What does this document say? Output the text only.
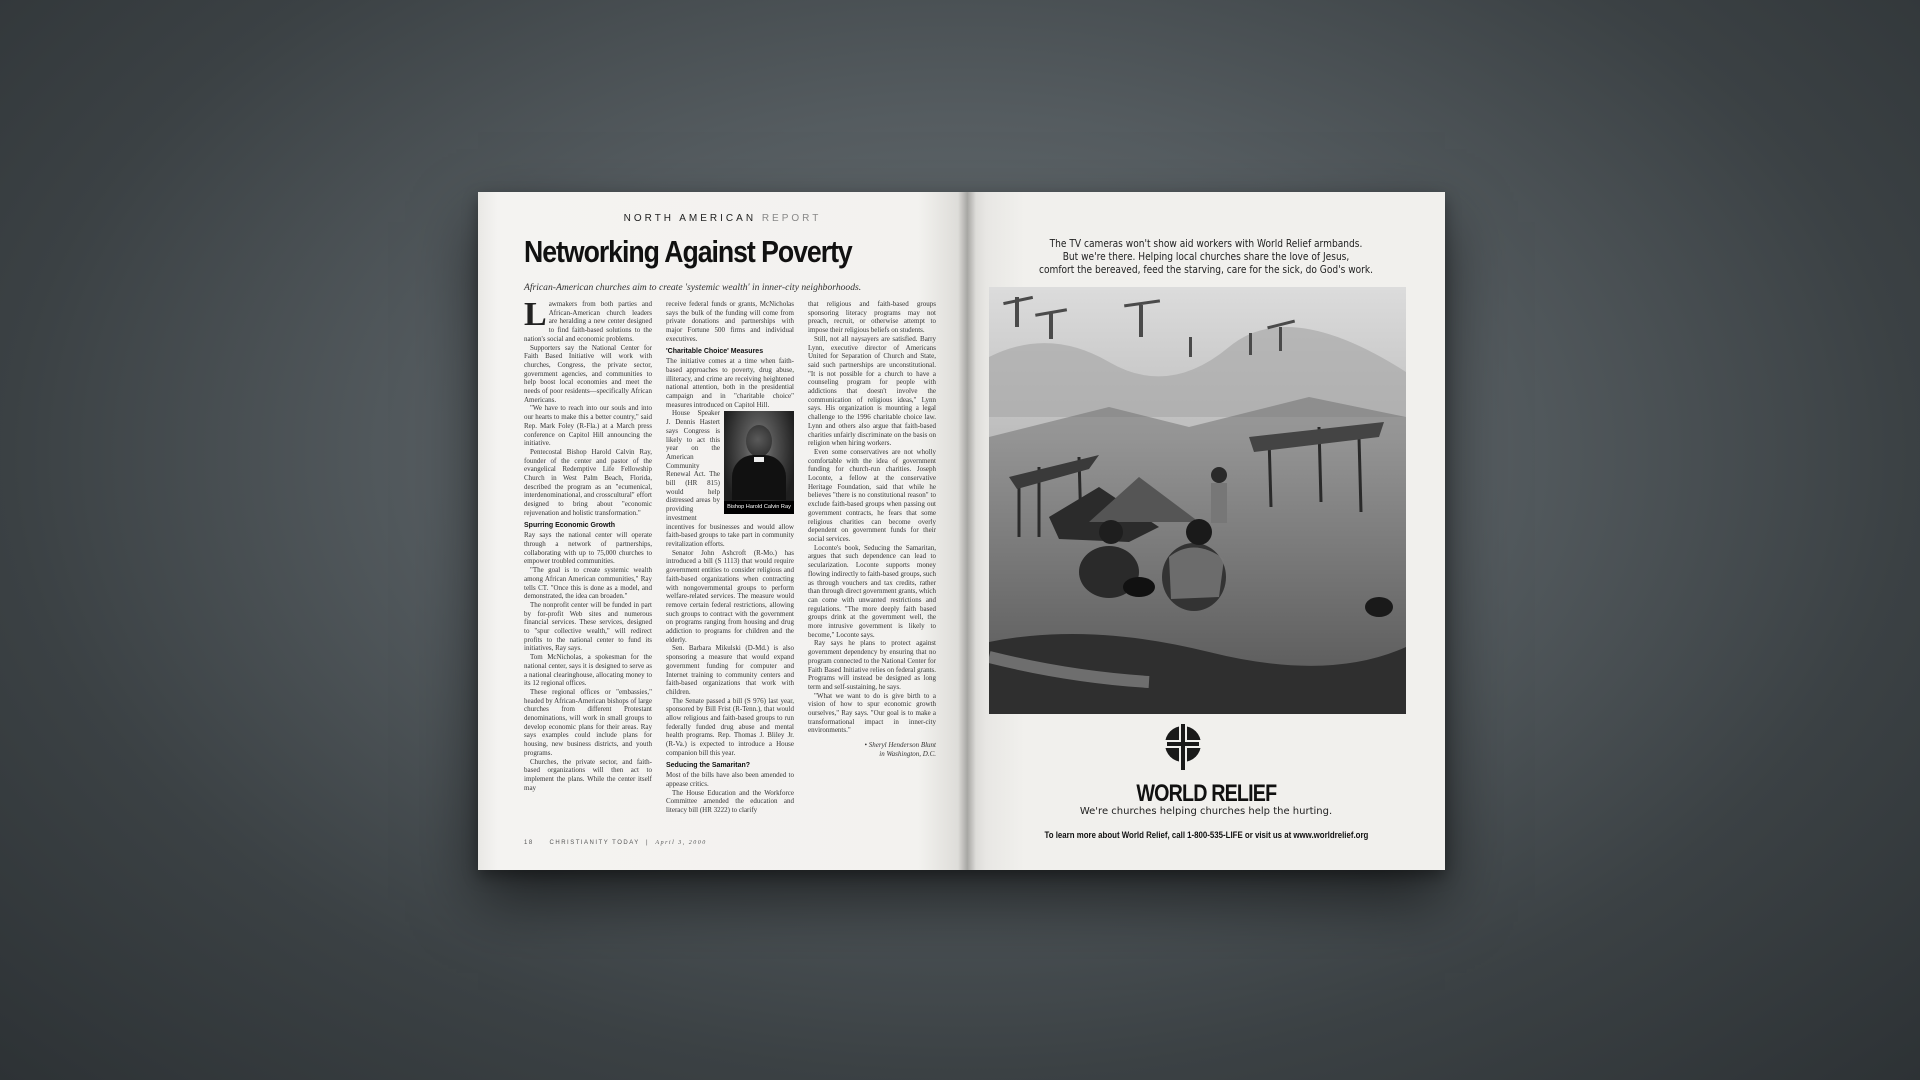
NORTH AMERICAN REPORT
Networking Against Poverty
African-American churches aim to create 'systemic wealth' in inner-city neighborhoods.

Lawmakers from both parties and African-American church leaders are heralding a new center designed to find faith-based solutions to the nation's social and economic problems.

Supporters say the National Center for Faith Based Initiative will work with churches, Congress, the private sector, government agencies, and communities to help boost local economies and meet the needs of poor residents—specifically African Americans.

"We have to reach into our souls and into our hearts to make this a better country," said Rep. Mark Foley (R-Fla.) at a March press conference on Capitol Hill announcing the initiative.

Pentecostal Bishop Harold Calvin Ray, founder of the center and pastor of the evangelical Redemptive Life Fellowship Church in West Palm Beach, Florida, described the program as an "ecumenical, interdenominational, and crosscultural" effort designed to bring about "economic rejuvenation and holistic transformation."

Spurring Economic Growth

Ray says the national center will operate through a network of partnerships, collaborating with up to 75,000 churches to empower troubled communities.

"The goal is to create systemic wealth among African American communities," Ray tells CT. "Once this is done as a model, and demonstrated, the idea can broaden."

The nonprofit center will be funded in part by for-profit Web sites and numerous financial services. These services, designed to "spur collective wealth," will redirect profits to the national center to fund its initiatives, Ray says.

Tom McNicholas, a spokesman for the national center, says it is designed to serve as a national clearinghouse, allocating money to its 12 regional offices.

These regional offices or "embassies," headed by African-American bishops of large churches from different Protestant denominations, will work in small groups to develop economic plans for their areas. Ray says examples could include plans for housing, new business districts, and youth programs.

Churches, the private sector, and faith-based organizations will then act to implement the plans. While the center itself may

receive federal funds or grants, McNicholas says the bulk of the funding will come from private donations and partnerships with major Fortune 500 firms and individual executives.

'Charitable Choice' Measures

The initiative comes at a time when faith-based approaches to poverty, drug abuse, illiteracy, and crime are receiving heightened national attention, both in the presidential campaign and in "charitable choice" measures introduced on Capitol Hill.

Bishop Harold Calvin Ray

House Speaker J. Dennis Hastert says Congress is likely to act this year on the American Community Renewal Act. The bill (HR 815) would help distressed areas by providing investment incentives for businesses and would allow faith-based groups to take part in community revitalization efforts.

Senator John Ashcroft (R-Mo.) has introduced a bill (S 1113) that would require government entities to consider religious and faith-based organizations when contracting with nongovernmental groups to perform welfare-related services. The measure would remove certain federal restrictions, allowing such groups to contract with the government on programs ranging from housing and drug addiction to programs for children and the elderly.

Sen. Barbara Mikulski (D-Md.) is also sponsoring a measure that would expand government funding for computer and Internet training to community centers and faith-based organizations that work with children.

The Senate passed a bill (S 976) last year, sponsored by Bill Frist (R-Tenn.), that would allow religious and faith-based groups to run federally funded drug abuse and mental health programs. Rep. Thomas J. Bliley Jr. (R-Va.) is expected to introduce a House companion bill this year.

Seducing the Samaritan?

Most of the bills have also been amended to appease critics.

The House Education and the Workforce Committee amended the education and literacy bill (HR 3222) to clarify

that religious and faith-based groups sponsoring literacy programs may not preach, recruit, or otherwise attempt to impose their religious beliefs on students.

Still, not all naysayers are satisfied. Barry Lynn, executive director of Americans United for Separation of Church and State, said such partnerships are unconstitutional. "It is not possible for a church to have a counseling program for people with addictions that doesn't involve the communication of religious ideas," Lynn says. His organization is mounting a legal challenge to the 1996 charitable choice law. Lynn and others also argue that faith-based charities unfairly discriminate on the basis on religion when hiring workers.

Even some conservatives are not wholly comfortable with the idea of government funding for church-run charities. Joseph Loconte, a fellow at the conservative Heritage Foundation, said that while he believes "there is no constitutional reason" to exclude faith-based groups when passing out government contracts, he fears that some religious charities can become overly dependent on government funds for their social services.

Loconte's book, Seducing the Samaritan, argues that such dependence can lead to secularization. Loconte supports money flowing indirectly to faith-based groups, such as through vouchers and tax credits, rather than through direct government grants, which can come with unwanted restrictions and regulations. "The more deeply faith based groups drink at the government well, the more intrusive government is likely to become," Loconte says.

Ray says he plans to protect against government dependency by ensuring that no program connected to the National Center for Faith Based Initiative relies on federal grants. Programs will instead be designed as long term and self-sustaining, he says.

"What we want to do is give birth to a vision of how to spur economic growth ourselves," Ray says. "Our goal is to make a transformational impact in inner-city environments."

• Sheryl Henderson Blunt
in Washington, D.C.
18	CHRISTIANITY TODAY | April 3, 2000
The TV cameras won't show aid workers with World Relief armbands.
But we're there. Helping local churches share the love of Jesus,
comfort the bereaved, feed the starving, care for the sick, do God's work.
WORLD RELIEF
We're churches helping churches help the hurting.
To learn more about World Relief, call 1-800-535-LIFE or visit us at www.worldrelief.org
